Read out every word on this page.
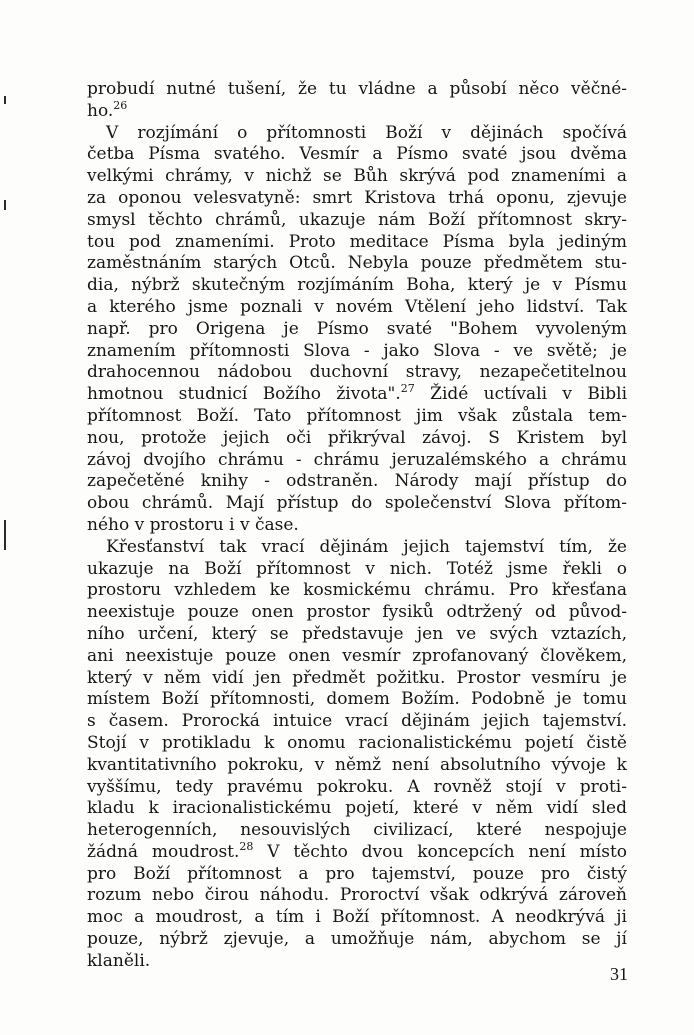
probudí nutné tušení, že tu vládne a působí něco věčné-
ho.$^{26}$
V rozjímání o přítomnosti Boží v dějinách spočívá
četba Písma svatého. Vesmír a Písmo svaté jsou dvěma
velkými chrámy, v nichž se Bůh skrývá pod znameními a
za oponou velesvatyně: smrt Kristova trhá oponu, zjevuje
smysl těchto chrámů, ukazuje nám Boží přítomnost skry-
tou pod znameními. Proto meditace Písma byla jediným
zaměstnáním starých Otců. Nebyla pouze předmětem stu-
dia, nýbrž skutečným rozjímáním Boha, který je v Písmu
a kterého jsme poznali v novém Vtělení jeho lidství. Tak
např. pro Origena je Písmo svaté "Bohem vyvoleným
znamením přítomnosti Slova - jako Slova - ve světě; je
drahocennou nádobou duchovní stravy, nezapečetitelnou
hmotnou studnicí Božího života".$^{27}$ Židé uctívali v Bibli
přítomnost Boží. Tato přítomnost jim však zůstala tem-
nou, protože jejich oči přikrýval závoj. S Kristem byl
závoj dvojího chrámu - chrámu jeruzalémského a chrámu
zapečetěné knihy - odstraněn. Národy mají přístup do
obou chrámů. Mají přístup do společenství Slova přítom-
ného v prostoru i v čase.
Křesťanství tak vrací dějinám jejich tajemství tím, že
ukazuje na Boží přítomnost v nich. Totéž jsme řekli o
prostoru vzhledem ke kosmickému chrámu. Pro křesťana
neexistuje pouze onen prostor fysiků odtržený od původ-
ního určení, který se představuje jen ve svých vztazích,
ani neexistuje pouze onen vesmír zprofanovaný člověkem,
který v něm vidí jen předmět požitku. Prostor vesmíru je
místem Boží přítomnosti, domem Božím. Podobně je tomu
s časem. Prorocká intuice vrací dějinám jejich tajemství.
Stojí v protikladu k onomu racionalistickému pojetí čistě
kvantitativního pokroku, v němž není absolutního vývoje k
vyššímu, tedy pravému pokroku. A rovněž stojí v proti-
kladu k iracionalistickému pojetí, které v něm vidí sled
heterogenních, nesouvislých civilizací, které nespojuje
žádná moudrost.$^{28}$ V těchto dvou koncepcích není místo
pro Boží přítomnost a pro tajemství, pouze pro čistý
rozum nebo čirou náhodu. Proroctví však odkrývá zároveň
moc a moudrost, a tím i Boží přítomnost. A neodkrývá ji
pouze, nýbrž zjevuje, a umožňuje nám, abychom se jí
klaněli.
31
